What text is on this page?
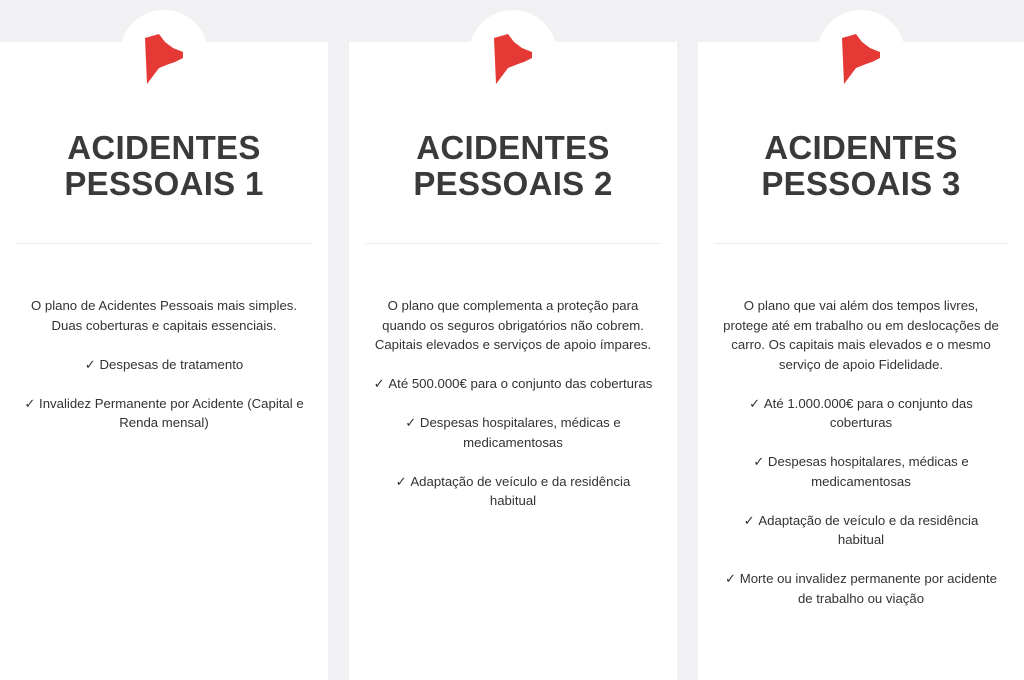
ACIDENTES
PESSOAIS 1

O plano de Acidentes Pessoais mais simples. Duas coberturas e capitais essenciais.

✓ Despesas de tratamento

✓ Invalidez Permanente por Acidente (Capital e Renda mensal)

ACIDENTES
PESSOAIS 2

O plano que complementa a proteção para quando os seguros obrigatórios não cobrem. Capitais elevados e serviços de apoio ímpares.

✓ Até 500.000€ para o conjunto das coberturas

✓ Despesas hospitalares, médicas e medicamentosas

✓ Adaptação de veículo e da residência habitual

ACIDENTES
PESSOAIS 3

O plano que vai além dos tempos livres, protege até em trabalho ou em deslocações de carro. Os capitais mais elevados e o mesmo serviço de apoio Fidelidade.

✓ Até 1.000.000€ para o conjunto das coberturas

✓ Despesas hospitalares, médicas e medicamentosas

✓ Adaptação de veículo e da residência habitual

✓ Morte ou invalidez permanente por acidente de trabalho ou viação
